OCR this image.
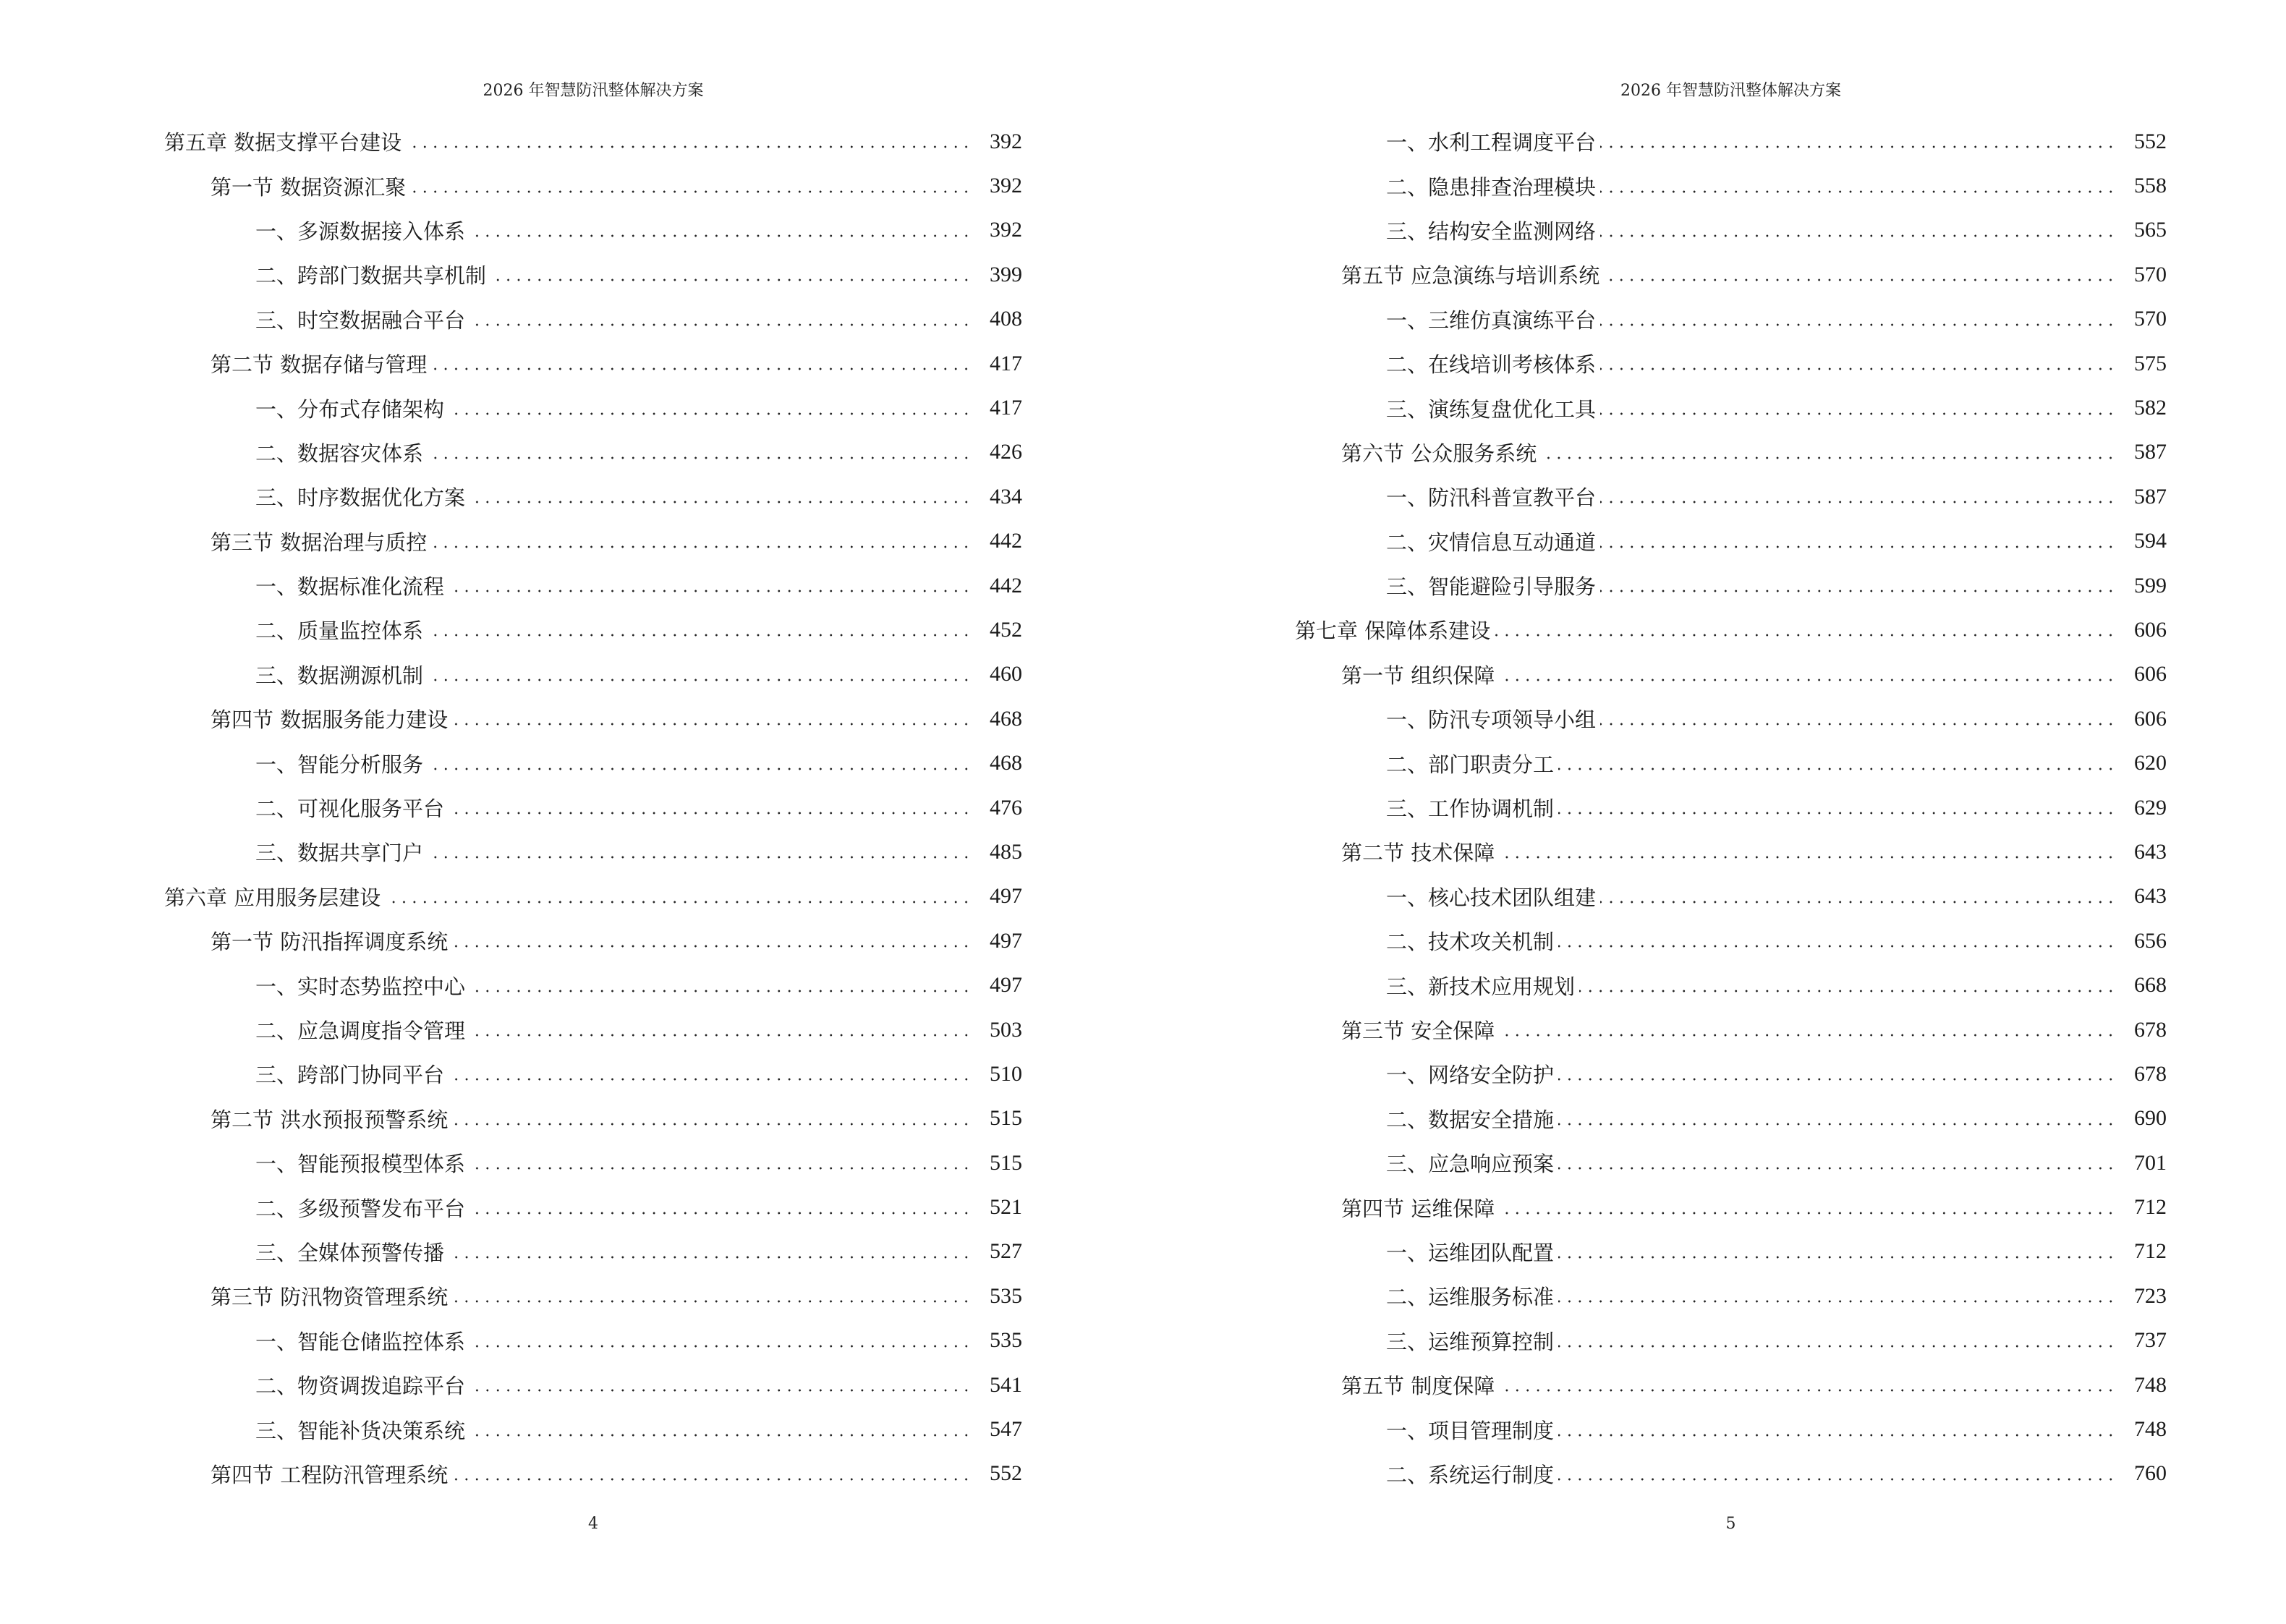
2026 年智慧防汛整体解决方案
第五章 数据支撑平台建设	392
第一节 数据资源汇聚	392
一、多源数据接入体系	392
二、跨部门数据共享机制	399
三、时空数据融合平台	408
第二节 数据存储与管理	417
一、分布式存储架构	417
二、数据容灾体系	426
三、时序数据优化方案	434
第三节 数据治理与质控	442
一、数据标准化流程	442
二、质量监控体系	452
三、数据溯源机制	460
第四节 数据服务能力建设	468
一、智能分析服务	468
二、可视化服务平台	476
三、数据共享门户	485
第六章 应用服务层建设	497
第一节 防汛指挥调度系统	497
一、实时态势监控中心	497
二、应急调度指令管理	503
三、跨部门协同平台	510
第二节 洪水预报预警系统	515
一、智能预报模型体系	515
二、多级预警发布平台	521
三、全媒体预警传播	527
第三节 防汛物资管理系统	535
一、智能仓储监控体系	535
二、物资调拨追踪平台	541
三、智能补货决策系统	547
第四节 工程防汛管理系统	552
4
2026 年智慧防汛整体解决方案
一、水利工程调度平台	552
二、隐患排查治理模块	558
三、结构安全监测网络	565
第五节 应急演练与培训系统	570
一、三维仿真演练平台	570
二、在线培训考核体系	575
三、演练复盘优化工具	582
第六节 公众服务系统	587
一、防汛科普宣教平台	587
二、灾情信息互动通道	594
三、智能避险引导服务	599
第七章 保障体系建设	606
第一节 组织保障	606
一、防汛专项领导小组	606
二、部门职责分工	620
三、工作协调机制	629
第二节 技术保障	643
一、核心技术团队组建	643
二、技术攻关机制	656
三、新技术应用规划	668
第三节 安全保障	678
一、网络安全防护	678
二、数据安全措施	690
三、应急响应预案	701
第四节 运维保障	712
一、运维团队配置	712
二、运维服务标准	723
三、运维预算控制	737
第五节 制度保障	748
一、项目管理制度	748
二、系统运行制度	760
5
